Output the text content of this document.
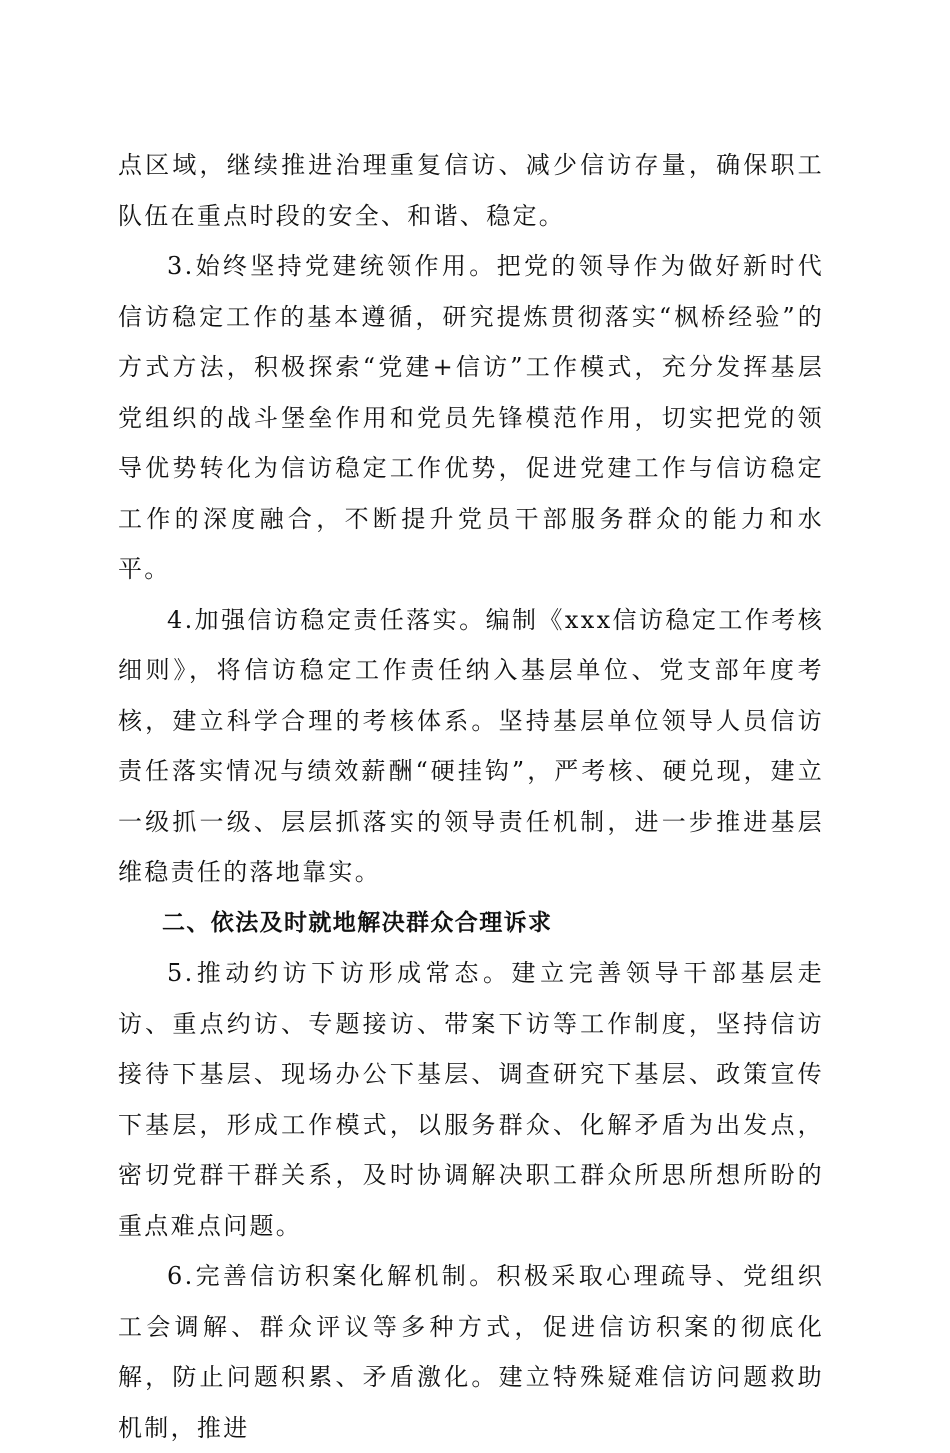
点区域，继续推进治理重复信访、减少信访存量，确保职工队伍在重点时段的安全、和谐、稳定。

3.始终坚持党建统领作用。把党的领导作为做好新时代信访稳定工作的基本遵循，研究提炼贯彻落实“枫桥经验”的方式方法，积极探索“党建+信访”工作模式，充分发挥基层党组织的战斗堡垒作用和党员先锋模范作用，切实把党的领导优势转化为信访稳定工作优势，促进党建工作与信访稳定工作的深度融合，不断提升党员干部服务群众的能力和水平。

4.加强信访稳定责任落实。编制《xxx信访稳定工作考核细则》，将信访稳定工作责任纳入基层单位、党支部年度考核，建立科学合理的考核体系。坚持基层单位领导人员信访责任落实情况与绩效薪酬“硬挂钩”，严考核、硬兑现，建立一级抓一级、层层抓落实的领导责任机制，进一步推进基层维稳责任的落地靠实。

二、依法及时就地解决群众合理诉求

5.推动约访下访形成常态。建立完善领导干部基层走访、重点约访、专题接访、带案下访等工作制度，坚持信访接待下基层、现场办公下基层、调查研究下基层、政策宣传下基层，形成工作模式，以服务群众、化解矛盾为出发点，密切党群干群关系，及时协调解决职工群众所思所想所盼的重点难点问题。

6.完善信访积案化解机制。积极采取心理疏导、党组织工会调解、群众评议等多种方式，促进信访积案的彻底化解，防止问题积累、矛盾激化。建立特殊疑难信访问题救助机制，推进
